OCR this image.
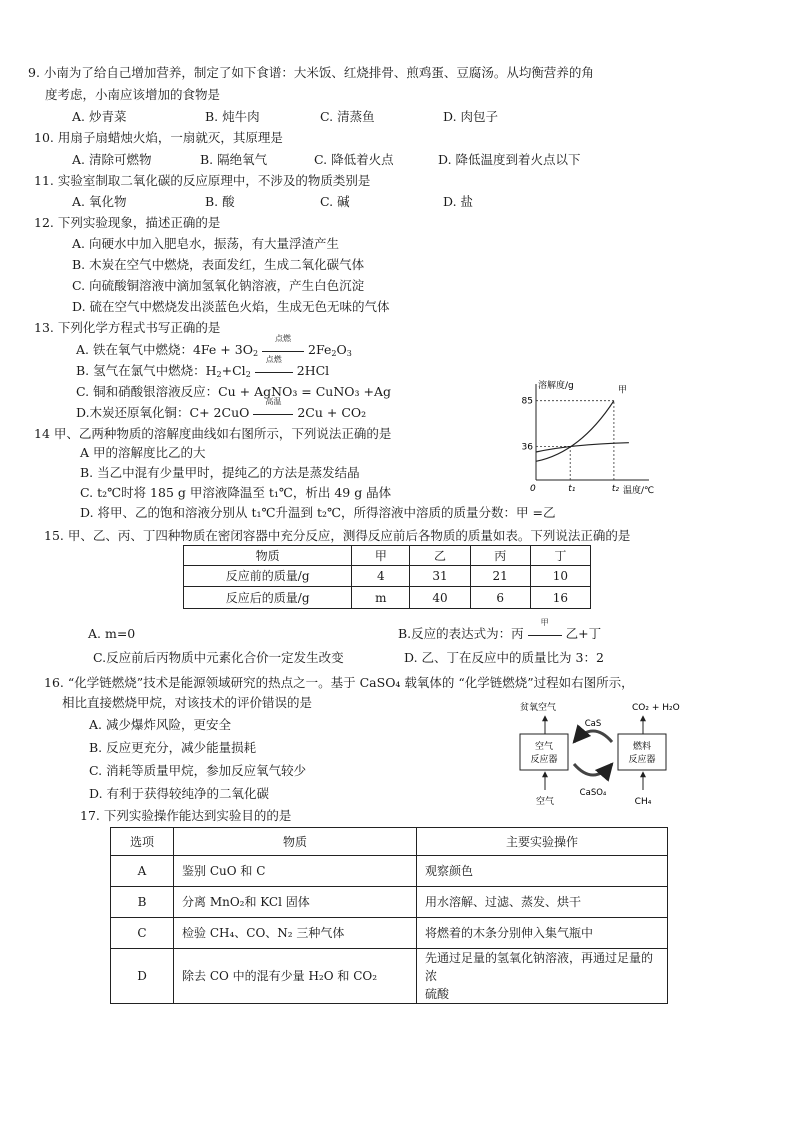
9. 小南为了给自己增加营养，制定了如下食谱：大米饭、红烧排骨、煎鸡蛋、豆腐汤。从均衡营养的角
度考虑，小南应该增加的食物是
A. 炒青菜	B. 炖牛肉	C. 清蒸鱼	D. 肉包子
10. 用扇子扇蜡烛火焰，一扇就灭，其原理是
A. 清除可燃物	B. 隔绝氧气	C. 降低着火点	D. 降低温度到着火点以下
11. 实验室制取二氧化碳的反应原理中，不涉及的物质类别是
A. 氧化物	B. 酸	C. 碱	D. 盐
12. 下列实验现象，描述正确的是
A. 向硬水中加入肥皂水，振荡，有大量浮渣产生
B. 木炭在空气中燃烧，表面发红，生成二氧化碳气体
C. 向硫酸铜溶液中滴加氢氧化钠溶液，产生白色沉淀
D. 硫在空气中燃烧发出淡蓝色火焰，生成无色无味的气体
13. 下列化学方程式书写正确的是
A. 铁在氧气中燃烧：$4Fe + 3O_2$
点燃
$2Fe_2O_3$
B. 氢气在氯气中燃烧：$H_2+Cl_2$
点燃
2HCl
C. 铜和硝酸银溶液反应：Cu + AgNO₃ = CuNO₃ +Ag
D.木炭还原氧化铜：C+ 2CuO
高温
2Cu + CO₂
14 甲、乙两种物质的溶解度曲线如右图所示，下列说法正确的是
A 甲的溶解度比乙的大
B. 当乙中混有少量甲时，提纯乙的方法是蒸发结晶
C. t₂℃时将 185 g 甲溶液降温至 t₁℃，析出 49 g 晶体
D. 将甲、乙的饱和溶液分别从 t₁℃升温到 t₂℃，所得溶液中溶质的质量分数：甲 =乙
溶解度/g
温度/℃
85
36
0	t₁	t₂
甲
15. 甲、乙、丙、丁四种物质在密闭容器中充分反应，测得反应前后各物质的质量如表。下列说法正确的是
物质	甲	乙	丙	丁
反应前的质量/g	4	31	21	10
反应后的质量/g	m	40	6	16
A. m=0	B.反应的表达式为：丙
甲
乙+丁
C.反应前后丙物质中元素化合价一定发生改变	D. 乙、丁在反应中的质量比为 3：2
16. “化学链燃烧”技术是能源领域研究的热点之一。基于 CaSO₄ 载氧体的 “化学链燃烧”过程如右图所示，
相比直接燃烧甲烷，对该技术的评价错误的是
A. 减少爆炸风险，更安全
B. 反应更充分，减少能量损耗
C. 消耗等质量甲烷，参加反应氧气较少
D. 有利于获得较纯净的二氧化碳
贫氧空气	CO₂ + H₂O
空气
反应器
燃料
反应器
CaS
CaSO₄
空气	CH₄
17. 下列实验操作能达到实验目的的是
选项	物质	主要实验操作
A	鉴别 CuO 和 C	观察颜色
B	分离 MnO₂和 KCl 固体	用水溶解、过滤、蒸发、烘干
C	检验 CH₄、CO、N₂ 三种气体	将燃着的木条分别伸入集气瓶中
D	除去 CO 中的混有少量 H₂O 和 CO₂	先通过足量的氢氧化钠溶液，再通过足量的浓
硫酸
